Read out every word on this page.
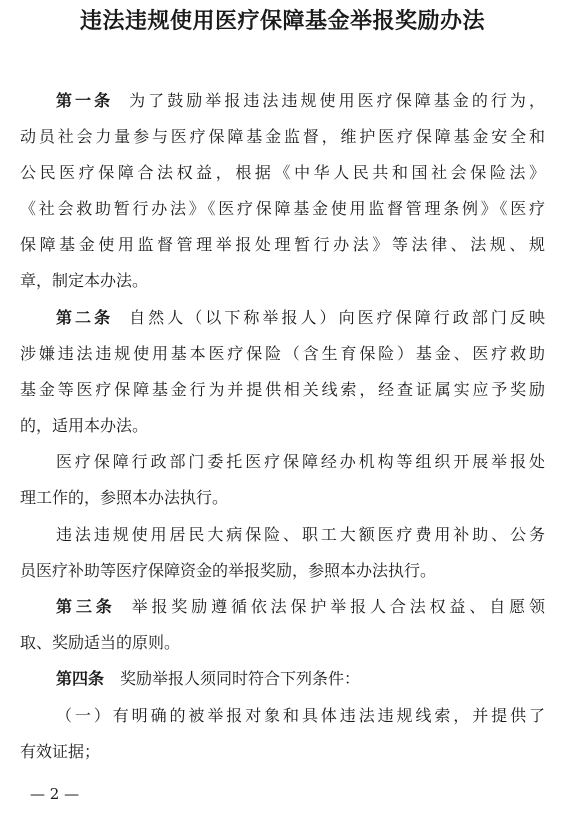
违法违规使用医疗保障基金举报奖励办法
第一条 为了鼓励举报违法违规使用医疗保障基金的行为，
动员社会力量参与医疗保障基金监督，维护医疗保障基金安全和
公民医疗保障合法权益，根据《中华人民共和国社会保险法》
《社会救助暂行办法》《医疗保障基金使用监督管理条例》《医疗
保障基金使用监督管理举报处理暂行办法》等法律、法规、规
章，制定本办法。
第二条 自然人（以下称举报人）向医疗保障行政部门反映
涉嫌违法违规使用基本医疗保险（含生育保险）基金、医疗救助
基金等医疗保障基金行为并提供相关线索，经查证属实应予奖励
的，适用本办法。
医疗保障行政部门委托医疗保障经办机构等组织开展举报处
理工作的，参照本办法执行。
违法违规使用居民大病保险、职工大额医疗费用补助、公务
员医疗补助等医疗保障资金的举报奖励，参照本办法执行。
第三条 举报奖励遵循依法保护举报人合法权益、自愿领
取、奖励适当的原则。
第四条 奖励举报人须同时符合下列条件：
（一）有明确的被举报对象和具体违法违规线索，并提供了
有效证据；
— 2 —
